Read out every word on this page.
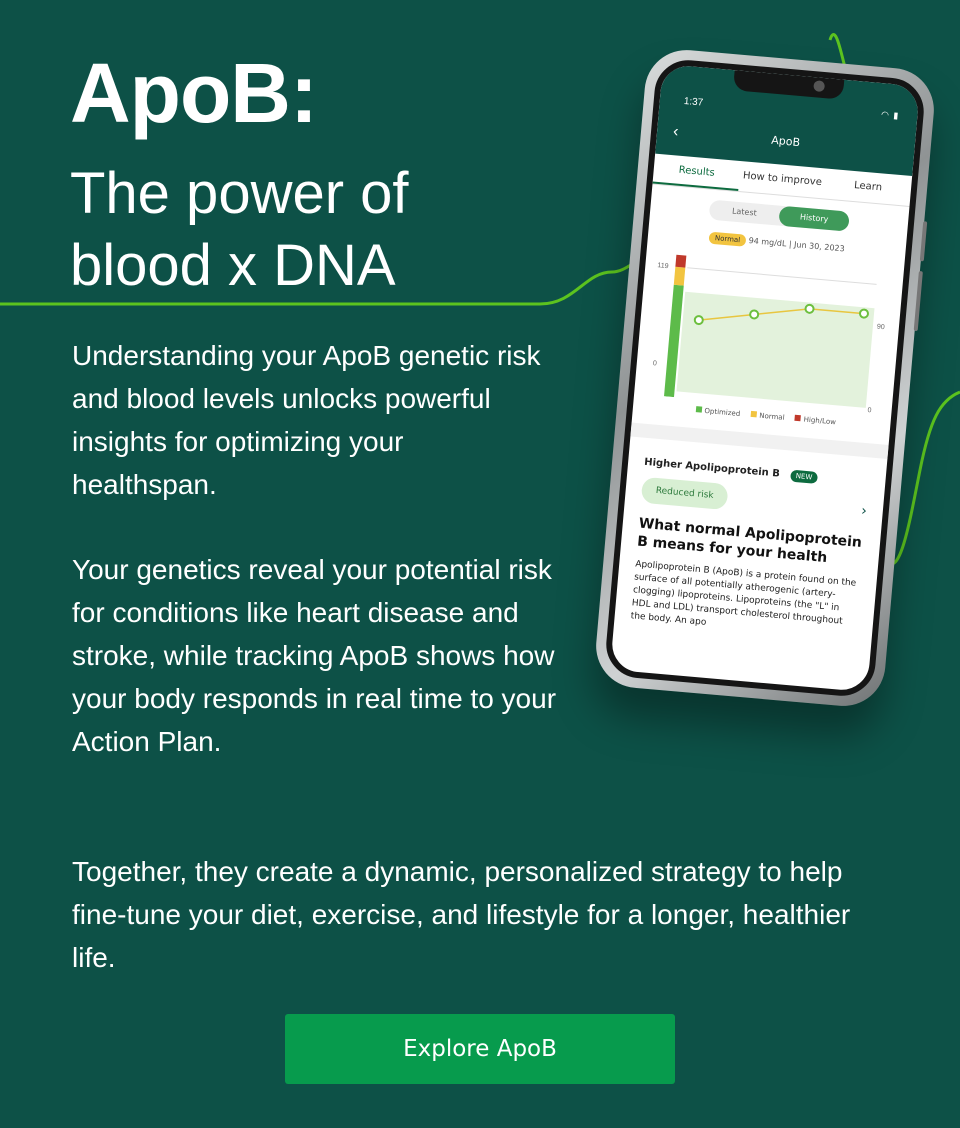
ApoB:
The power of
blood x DNA
Understanding your ApoB genetic risk and blood levels unlocks powerful insights for optimizing your healthspan.
Your genetics reveal your potential risk for conditions like heart disease and stroke, while tracking ApoB shows how your body responds in real time to your Action Plan.
Together, they create a dynamic, personalized strategy to help fine-tune your diet, exercise, and lifestyle for a longer, healthier life.
Explore ApoB
1:37
◠ ▮
‹
ApoB
Results	How to improve	Learn
Latest
History
Normal 94 mg/dL | Jun 30, 2023
119
0
90
0
Optimized	Normal	High/Low
Higher Apolipoprotein B NEW
Reduced risk
›
What normal Apolipoprotein B means for your health
Apolipoprotein B (ApoB) is a protein found on the surface of all potentially atherogenic (artery-clogging) lipoproteins. Lipoproteins (the "L" in HDL and LDL) transport cholesterol throughout the body. An apo
